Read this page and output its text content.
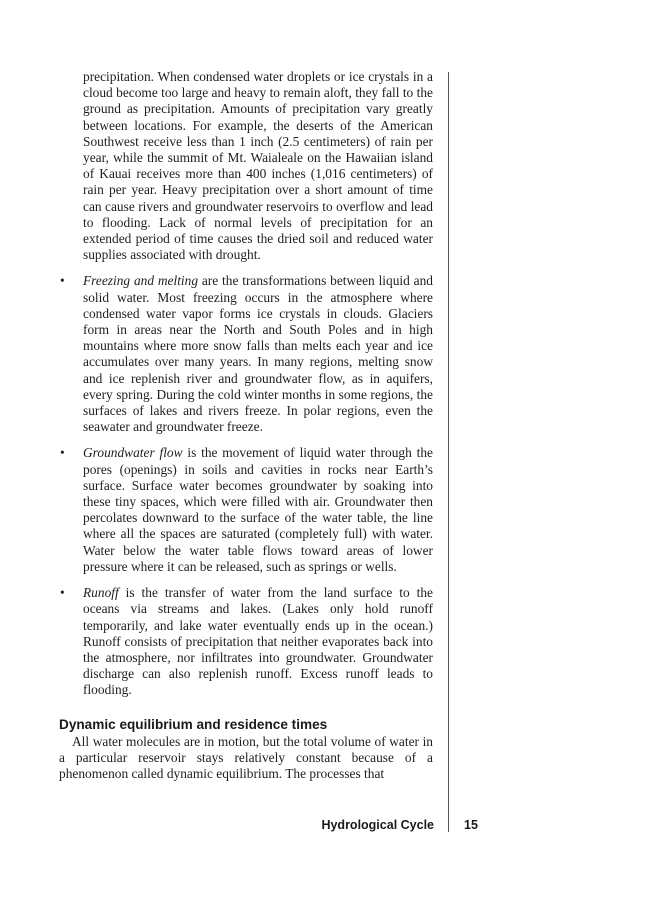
precipitation. When condensed water droplets or ice crystals in a cloud become too large and heavy to remain aloft, they fall to the ground as precipitation. Amounts of precipitation vary greatly between locations. For example, the deserts of the American Southwest receive less than 1 inch (2.5 centimeters) of rain per year, while the summit of Mt. Waialeale on the Hawaiian island of Kauai receives more than 400 inches (1,016 centimeters) of rain per year. Heavy precipitation over a short amount of time can cause rivers and groundwater reservoirs to overflow and lead to flooding. Lack of normal levels of precipitation for an extended period of time causes the dried soil and reduced water supplies associated with drought.

• Freezing and melting are the transformations between liquid and solid water. Most freezing occurs in the atmosphere where condensed water vapor forms ice crystals in clouds. Glaciers form in areas near the North and South Poles and in high mountains where more snow falls than melts each year and ice accumulates over many years. In many regions, melting snow and ice replenish river and groundwater flow, as in aquifers, every spring. During the cold winter months in some regions, the surfaces of lakes and rivers freeze. In polar regions, even the seawater and groundwater freeze.
• Groundwater flow is the movement of liquid water through the pores (openings) in soils and cavities in rocks near Earth’s surface. Surface water becomes groundwater by soaking into these tiny spaces, which were filled with air. Groundwater then percolates downward to the surface of the water table, the line where all the spaces are saturated (completely full) with water. Water below the water table flows toward areas of lower pressure where it can be released, such as springs or wells.
• Runoff is the transfer of water from the land surface to the oceans via streams and lakes. (Lakes only hold runoff temporarily, and lake water eventually ends up in the ocean.) Runoff consists of precipitation that neither evaporates back into the atmosphere, nor infiltrates into groundwater. Groundwater discharge can also replenish runoff. Excess runoff leads to flooding.
Dynamic equilibrium and residence times

All water molecules are in motion, but the total volume of water in a particular reservoir stays relatively constant because of a phenomenon called dynamic equilibrium. The processes that

Hydrological Cycle 15
